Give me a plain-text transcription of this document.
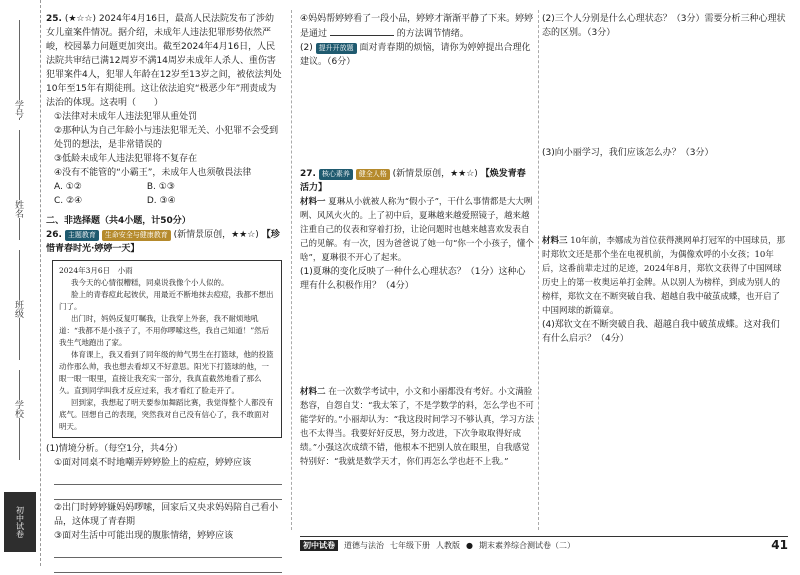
学号
姓名
班级
学校
初中试卷

25. (★☆☆) 2024年4月16日，最高人民法院发布了涉幼女儿童案件情况。据介绍，未成年人违法犯罪形势依然严峻，校园暴力问题更加突出。截至2024年4月16日，人民法院共审结已满12周岁不满14周岁未成年人杀人、重伤害犯罪案件4人，犯罪人年龄在12岁至13岁之间，被依法判处10年至15年有期徒刑。这让依法追究“极恶少年”刑责成为法治的体现。这表明（　　）

①法律对未成年人违法犯罪从重处罚

②那种认为自己年龄小与违法犯罪无关、小犯罪不会受到处罚的想法，是非常错误的

③低龄未成年人违法犯罪将不复存在

④没有不能管的“小霸王”，未成年人也须敬畏法律

A. ①②	B. ①③

C. ②④	D. ③④

二、非选择题（共4小题，计50分）

26. 主题教育 生命安全与健康教育 (新情景原创，★★☆) 【珍惜青春时光·婷婷一天】

2024年3月6日　小雨

我今天的心情很糟糕，同桌说我像个小人似的。

脸上的青春痘此起彼伏，用最近不断地抹去痘痘，我都不想出门了。

出门时，妈妈反复叮嘱我，让我穿上外套，我不耐烦地吼道：“我都不是小孩子了，不用你啰嗦这些，我自己知道！”然后我生气地跑出了家。

体育课上，我又看到了同年级的帅气男生在打篮球，他的投篮动作那么帅，我也想去看却又不好意思。阳光下打篮球的他，一眼一眼一眼里，直接让我充实一部分，我真直截然地看了那么久。直到同学叫我才反应过来，我才看红了脸走开了。

回到家，我想起了明天要参加舞蹈比赛，我觉得整个人都没有底气。回想自己的表现，突然我对自己没有信心了，我不敢面对明天。

(1)情境分析。（每空1分，共4分）

①面对同桌不时地嘲弄婷婷脸上的痘痘，婷婷应该

②出门时婷婷嫌妈妈啰嗦，回家后又央求妈妈陪自己看小品，这体现了青春期

③面对生活中可能出现的腹胀情绪，婷婷应该

④妈妈帮婷婷看了一段小品，婷婷才渐渐平静了下来。婷婷是通过	的方法调节情绪。

(2) 提升开放题 面对青春期的烦恼，请你为婷婷提出合理化建议。（6分）

27. 核心素养 健全人格 (新情景原创，★★☆) 【焕发青春活力】

材料一 夏琳从小就被人称为“假小子”，干什么事情都是大大咧咧、风风火火的。上了初中后，夏琳越来越爱照镜子，越来越注重自己的仪表和穿着打扮，让论问题时也越来越喜欢发表自己的见解。有一次，因为爸爸说了她一句“你一个小孩子，懂个啥”，夏琳很不开心了起来。

(1)夏琳的变化反映了一种什么心理状态？（1分）这种心理有什么积极作用？（4分）

材料二 在一次数学考试中，小文和小丽都没有考好。小文满脸愁容，自怨自艾：“我太笨了，不是学数学的料，怎么学也不可能学好的。”小丽却认为：“我这段时间学习不够认真，学习方法也不太得当。我要好好反思，努力改进，下次争取取得好成绩。”小强这次成绩不错，他根本不把别人放在眼里，自我感觉特别好：“我就是数学天才，你们再怎么学也赶不上我。”

(2)三个人分别是什么心理状态？（3分）需要分析三种心理状态的区别。（3分）

(3)向小丽学习，我们应该怎么办？（3分）

材料三 10年前，李娜成为首位获得澳网单打冠军的中国球员，那时郑钦文还是那个坐在电视机前，为偶像欢呼的小女孩；10年后，这番前辈走过的足迹，2024年8月，郑钦文获得了中国网球历史上的第一枚奥运单打金牌。从以别人为榜样，到成为别人的榜样，郑钦文在不断突破自我、超越自我中破茧成蝶，也开启了中国网球的新篇章。

(4)郑钦文在不断突破自我、超越自我中破茧成蝶。这对我们有什么启示？（4分）

初中试卷	道德与法治 七年级下册 人教版 ● 期末素养综合测试卷（二）	41
